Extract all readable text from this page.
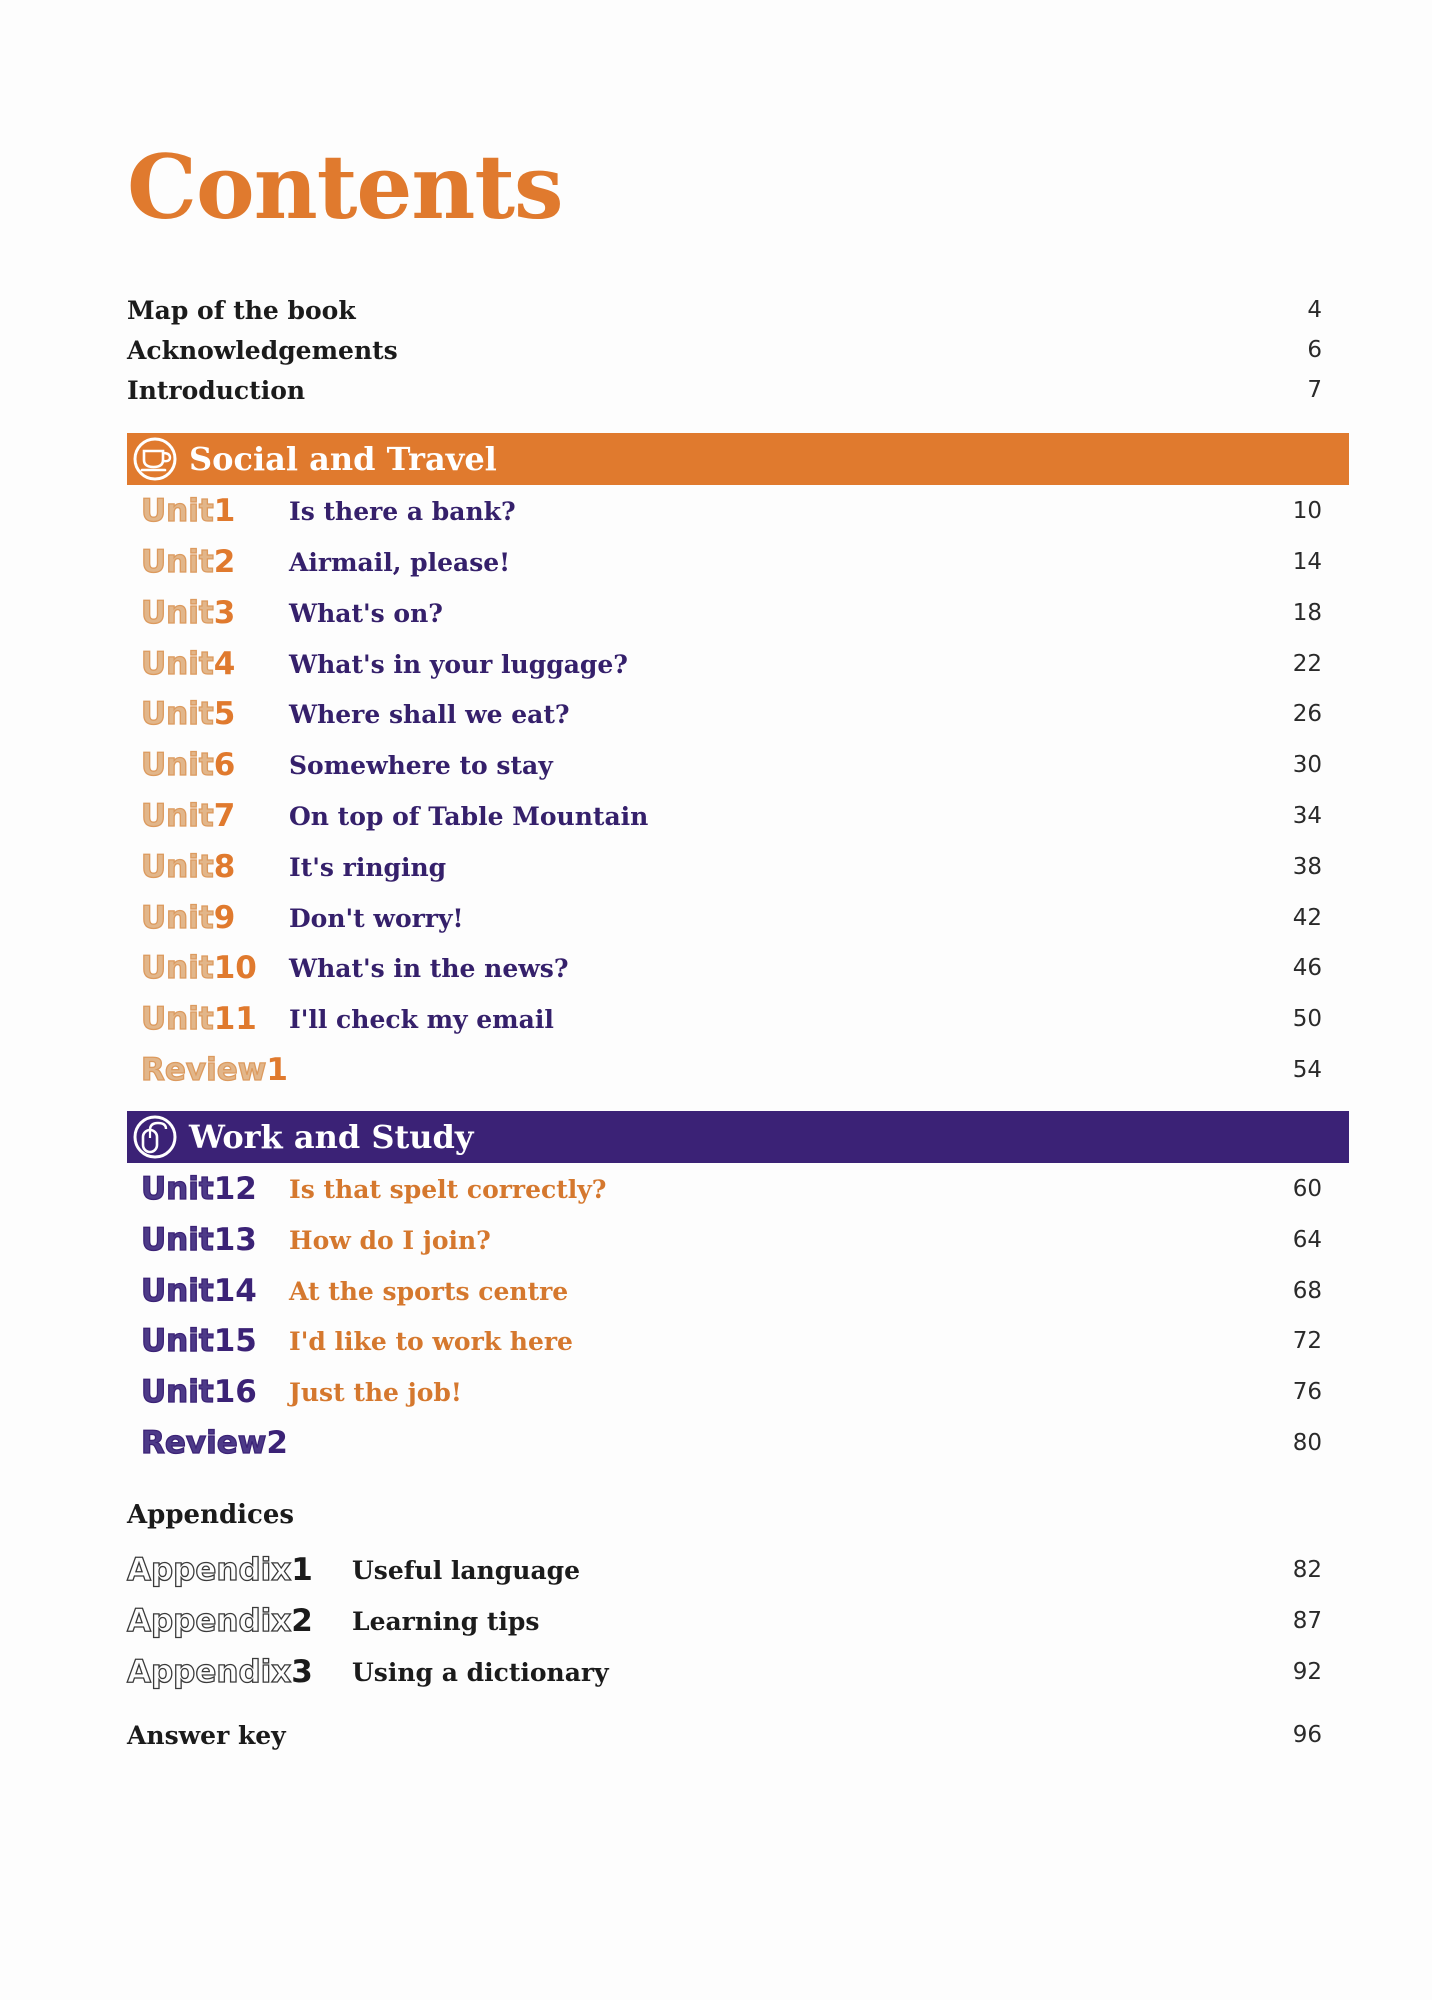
Contents
Map of the book	4
Acknowledgements	6
Introduction	7
Social and Travel
Unit 1 Is there a bank?	10
Unit 2 Airmail, please!	14
Unit 3 What's on?	18
Unit 4 What's in your luggage?	22
Unit 5 Where shall we eat?	26
Unit 6 Somewhere to stay	30
Unit 7 On top of Table Mountain	34
Unit 8 It's ringing	38
Unit 9 Don't worry!	42
Unit 10 What's in the news?	46
Unit 11 I'll check my email	50
Review 1	54
Work and Study
Unit 12 Is that spelt correctly?	60
Unit 13 How do I join?	64
Unit 14 At the sports centre	68
Unit 15 I'd like to work here	72
Unit 16 Just the job!	76
Review 2	80
Appendices
Appendix 1 Useful language	82
Appendix 2 Learning tips	87
Appendix 3 Using a dictionary	92
Answer key	96
